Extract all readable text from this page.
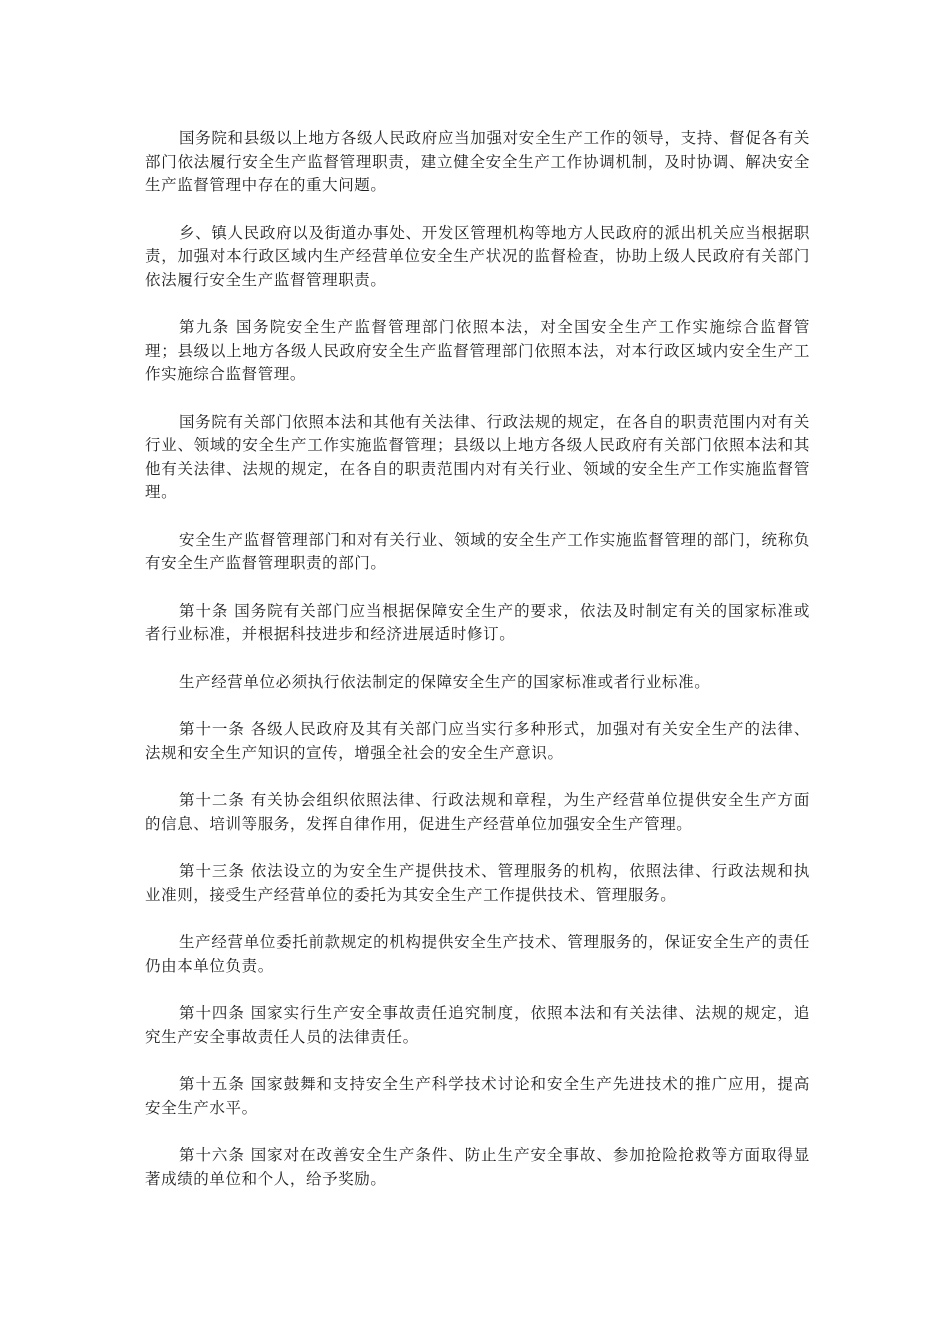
国务院和县级以上地方各级人民政府应当加强对安全生产工作的领导，支持、督促各有关部门依法履行安全生产监督管理职责，建立健全安全生产工作协调机制，及时协调、解决安全生产监督管理中存在的重大问题。

乡、镇人民政府以及街道办事处、开发区管理机构等地方人民政府的派出机关应当根据职责，加强对本行政区域内生产经营单位安全生产状况的监督检查，协助上级人民政府有关部门依法履行安全生产监督管理职责。

第九条 国务院安全生产监督管理部门依照本法，对全国安全生产工作实施综合监督管理；县级以上地方各级人民政府安全生产监督管理部门依照本法，对本行政区域内安全生产工作实施综合监督管理。

国务院有关部门依照本法和其他有关法律、行政法规的规定，在各自的职责范围内对有关行业、领域的安全生产工作实施监督管理；县级以上地方各级人民政府有关部门依照本法和其他有关法律、法规的规定，在各自的职责范围内对有关行业、领域的安全生产工作实施监督管理。

安全生产监督管理部门和对有关行业、领域的安全生产工作实施监督管理的部门，统称负有安全生产监督管理职责的部门。

第十条 国务院有关部门应当根据保障安全生产的要求，依法及时制定有关的国家标准或者行业标准，并根据科技进步和经济进展适时修订。

生产经营单位必须执行依法制定的保障安全生产的国家标准或者行业标准。

第十一条 各级人民政府及其有关部门应当实行多种形式，加强对有关安全生产的法律、法规和安全生产知识的宣传，增强全社会的安全生产意识。

第十二条 有关协会组织依照法律、行政法规和章程，为生产经营单位提供安全生产方面的信息、培训等服务，发挥自律作用，促进生产经营单位加强安全生产管理。

第十三条 依法设立的为安全生产提供技术、管理服务的机构，依照法律、行政法规和执业准则，接受生产经营单位的委托为其安全生产工作提供技术、管理服务。

生产经营单位委托前款规定的机构提供安全生产技术、管理服务的，保证安全生产的责任仍由本单位负责。

第十四条 国家实行生产安全事故责任追究制度，依照本法和有关法律、法规的规定，追究生产安全事故责任人员的法律责任。

第十五条 国家鼓舞和支持安全生产科学技术讨论和安全生产先进技术的推广应用，提高安全生产水平。

第十六条 国家对在改善安全生产条件、防止生产安全事故、参加抢险抢救等方面取得显著成绩的单位和个人，给予奖励。
